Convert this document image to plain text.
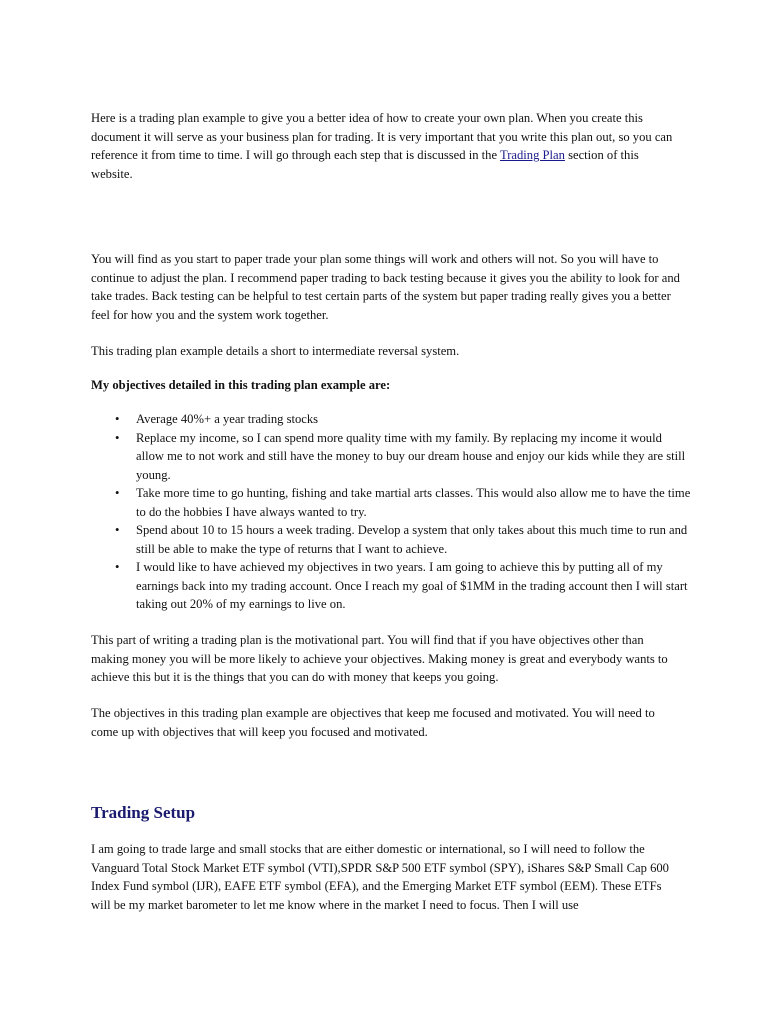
Here is a trading plan example to give you a better idea of how to create your own plan. When you create this document it will serve as your business plan for trading. It is very important that you write this plan out, so you can reference it from time to time. I will go through each step that is discussed in the Trading Plan section of this website.

You will find as you start to paper trade your plan some things will work and others will not. So you will have to continue to adjust the plan. I recommend paper trading to back testing because it gives you the ability to look for and take trades. Back testing can be helpful to test certain parts of the system but paper trading really gives you a better feel for how you and the system work together.

This trading plan example details a short to intermediate reversal system.

My objectives detailed in this trading plan example are:

• Average 40%+ a year trading stocks
• Replace my income, so I can spend more quality time with my family. By replacing my income it would allow me to not work and still have the money to buy our dream house and enjoy our kids while they are still young.
• Take more time to go hunting, fishing and take martial arts classes. This would also allow me to have the time to do the hobbies I have always wanted to try.
• Spend about 10 to 15 hours a week trading. Develop a system that only takes about this much time to run and still be able to make the type of returns that I want to achieve.
• I would like to have achieved my objectives in two years. I am going to achieve this by putting all of my earnings back into my trading account. Once I reach my goal of $1MM in the trading account then I will start taking out 20% of my earnings to live on.

This part of writing a trading plan is the motivational part. You will find that if you have objectives other than making money you will be more likely to achieve your objectives. Making money is great and everybody wants to achieve this but it is the things that you can do with money that keeps you going.

The objectives in this trading plan example are objectives that keep me focused and motivated. You will need to come up with objectives that will keep you focused and motivated.

Trading Setup

I am going to trade large and small stocks that are either domestic or international, so I will need to follow the Vanguard Total Stock Market ETF symbol (VTI),SPDR S&P 500 ETF symbol (SPY), iShares S&P Small Cap 600 Index Fund symbol (IJR), EAFE ETF symbol (EFA), and the Emerging Market ETF symbol (EEM). These ETFs will be my market barometer to let me know where in the market I need to focus. Then I will use
